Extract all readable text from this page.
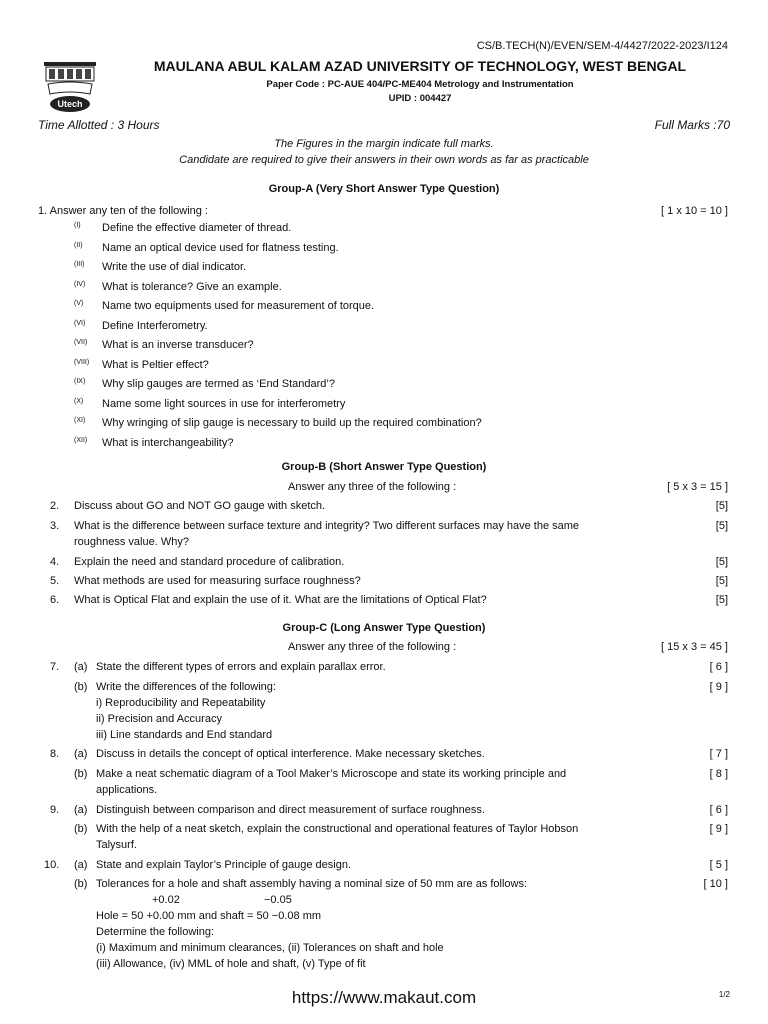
CS/B.TECH(N)/EVEN/SEM-4/4427/2022-2023/I124
Utech
MAULANA ABUL KALAM AZAD UNIVERSITY OF TECHNOLOGY, WEST BENGAL
Paper Code : PC-AUE 404/PC-ME404 Metrology and Instrumentation
UPID : 004427
Time Allotted : 3 Hours	Full Marks :70
The Figures in the margin indicate full marks.
Candidate are required to give their answers in their own words as far as practicable
Group-A (Very Short Answer Type Question)
1. Answer any ten of the following :	[ 1 x 10 = 10 ]
(I) Define the effective diameter of thread.
(II) Name an optical device used for flatness testing.
(III) Write the use of dial indicator.
(IV) What is tolerance? Give an example.
(V) Name two equipments used for measurement of torque.
(VI) Define Interferometry.
(VII) What is an inverse transducer?
(VIII) What is Peltier effect?
(IX) Why slip gauges are termed as ‘End Standard’?
(X) Name some light sources in use for interferometry
(XI) Why wringing of slip gauge is necessary to build up the required combination?
(XII) What is interchangeability?
Group-B (Short Answer Type Question)
Answer any three of the following :	[ 5 x 3 = 15 ]
2. Discuss about GO and NOT GO gauge with sketch.	[5]
3. What is the difference between surface texture and integrity? Two different surfaces may have the same
roughness value. Why?
[5]
4. Explain the need and standard procedure of calibration.	[5]
5. What methods are used for measuring surface roughness?	[5]
6. What is Optical Flat and explain the use of it. What are the limitations of Optical Flat?	[5]
Group-C (Long Answer Type Question)
Answer any three of the following :	[ 15 x 3 = 45 ]
7. (a) State the different types of errors and explain parallax error.	[ 6 ]
(b) Write the differences of the following:	[ 9 ]
i) Reproducibility and Repeatability
ii) Precision and Accuracy
iii) Line standards and End standard
8. (a) Discuss in details the concept of optical interference. Make necessary sketches.	[ 7 ]
(b) Make a neat schematic diagram of a Tool Maker’s Microscope and state its working principle and
applications.
[ 8 ]
9. (a) Distinguish between comparison and direct measurement of surface roughness.	[ 6 ]
(b) With the help of a neat sketch, explain the constructional and operational features of Taylor Hobson
Talysurf.
[ 9 ]
10. (a) State and explain Taylor’s Principle of gauge design.	[ 5 ]
(b) Tolerances for a hole and shaft assembly having a nominal size of 50 mm are as follows:	[ 10 ]
+0.02	−0.05
Hole = 50 +0.00 mm and shaft = 50 −0.08 mm
Determine the following:
(i) Maximum and minimum clearances, (ii) Tolerances on shaft and hole
(iii) Allowance, (iv) MML of hole and shaft, (v) Type of fit
https://www.makaut.com	1/2
